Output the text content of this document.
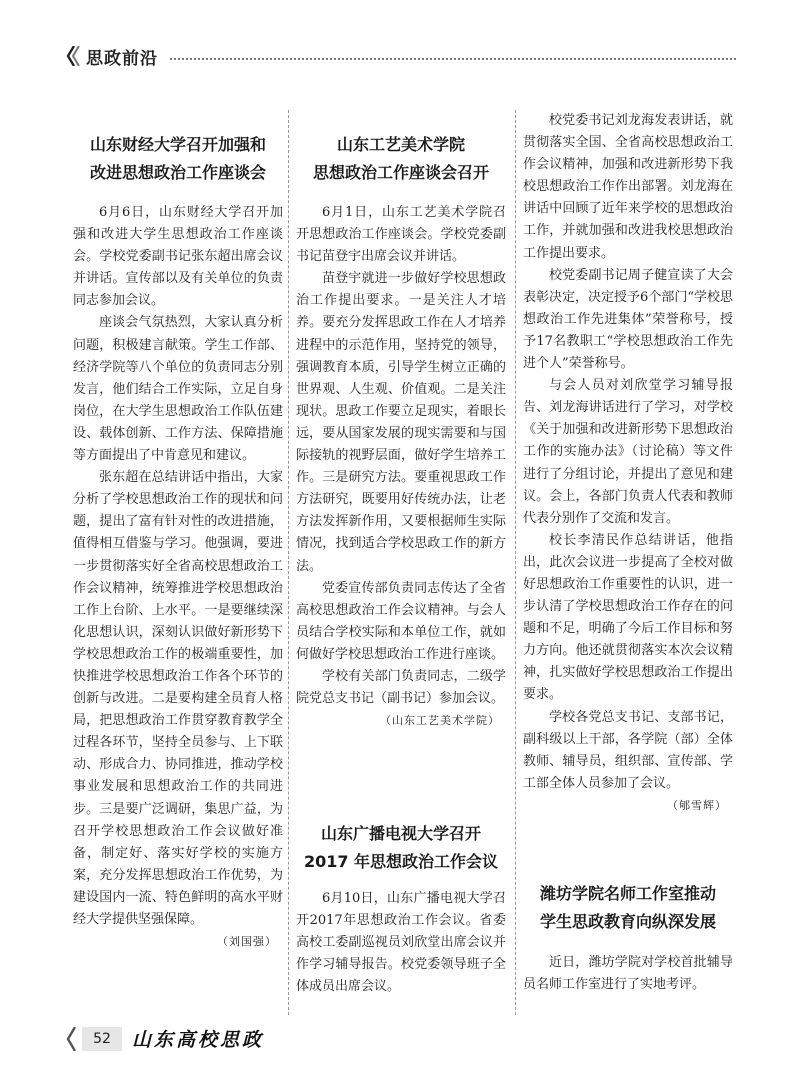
思政前沿
山东财经大学召开加强和
改进思想政治工作座谈会

6月6日，山东财经大学召开加强和改进大学生思想政治工作座谈会。学校党委副书记张东超出席会议并讲话。宣传部以及有关单位的负责同志参加会议。

座谈会气氛热烈，大家认真分析问题，积极建言献策。学生工作部、经济学院等八个单位的负责同志分别发言，他们结合工作实际，立足自身岗位，在大学生思想政治工作队伍建设、载体创新、工作方法、保障措施等方面提出了中肯意见和建议。

张东超在总结讲话中指出，大家分析了学校思想政治工作的现状和问题，提出了富有针对性的改进措施，值得相互借鉴与学习。他强调，要进一步贯彻落实好全省高校思想政治工作会议精神，统筹推进学校思想政治工作上台阶、上水平。一是要继续深化思想认识，深刻认识做好新形势下学校思想政治工作的极端重要性，加快推进学校思想政治工作各个环节的创新与改进。二是要构建全员育人格局，把思想政治工作贯穿教育教学全过程各环节，坚持全员参与、上下联动、形成合力、协同推进，推动学校事业发展和思想政治工作的共同进步。三是要广泛调研，集思广益，为召开学校思想政治工作会议做好准备，制定好、落实好学校的实施方案，充分发挥思想政治工作优势，为建设国内一流、特色鲜明的高水平财经大学提供坚强保障。

（刘国强）
山东工艺美术学院
思想政治工作座谈会召开

6月1日，山东工艺美术学院召开思想政治工作座谈会。学校党委副书记苗登宇出席会议并讲话。

苗登宇就进一步做好学校思想政治工作提出要求。一是关注人才培养。要充分发挥思政工作在人才培养进程中的示范作用，坚持党的领导，强调教育本质，引导学生树立正确的世界观、人生观、价值观。二是关注现状。思政工作要立足现实，着眼长远，要从国家发展的现实需要和与国际接轨的视野层面，做好学生培养工作。三是研究方法。要重视思政工作方法研究，既要用好传统办法，让老方法发挥新作用，又要根据师生实际情况，找到适合学校思政工作的新方法。

党委宣传部负责同志传达了全省高校思想政治工作会议精神。与会人员结合学校实际和本单位工作，就如何做好学校思想政治工作进行座谈。

学校有关部门负责同志，二级学院党总支书记（副书记）参加会议。

（山东工艺美术学院）
山东广播电视大学召开
2017 年思想政治工作会议

6月10日，山东广播电视大学召开2017年思想政治工作会议。省委高校工委副巡视员刘欣堂出席会议并作学习辅导报告。校党委领导班子全体成员出席会议。

校党委书记刘龙海发表讲话，就贯彻落实全国、全省高校思想政治工作会议精神，加强和改进新形势下我校思想政治工作作出部署。刘龙海在讲话中回顾了近年来学校的思想政治工作，并就加强和改进我校思想政治工作提出要求。

校党委副书记周子健宣读了大会表彰决定，决定授予6个部门“学校思想政治工作先进集体”荣誉称号，授予17名教职工“学校思想政治工作先进个人”荣誉称号。

与会人员对刘欣堂学习辅导报告、刘龙海讲话进行了学习，对学校《关于加强和改进新形势下思想政治工作的实施办法》（讨论稿）等文件进行了分组讨论，并提出了意见和建议。会上，各部门负责人代表和教师代表分别作了交流和发言。

校长李清民作总结讲话，他指出，此次会议进一步提高了全校对做好思想政治工作重要性的认识，进一步认清了学校思想政治工作存在的问题和不足，明确了今后工作目标和努力方向。他还就贯彻落实本次会议精神，扎实做好学校思想政治工作提出要求。

学校各党总支书记、支部书记，副科级以上干部，各学院（部）全体教师、辅导员，组织部、宣传部、学工部全体人员参加了会议。

（郇雪辉）
潍坊学院名师工作室推动
学生思政教育向纵深发展

近日，潍坊学院对学校首批辅导员名师工作室进行了实地考评。

52	山东高校思政
